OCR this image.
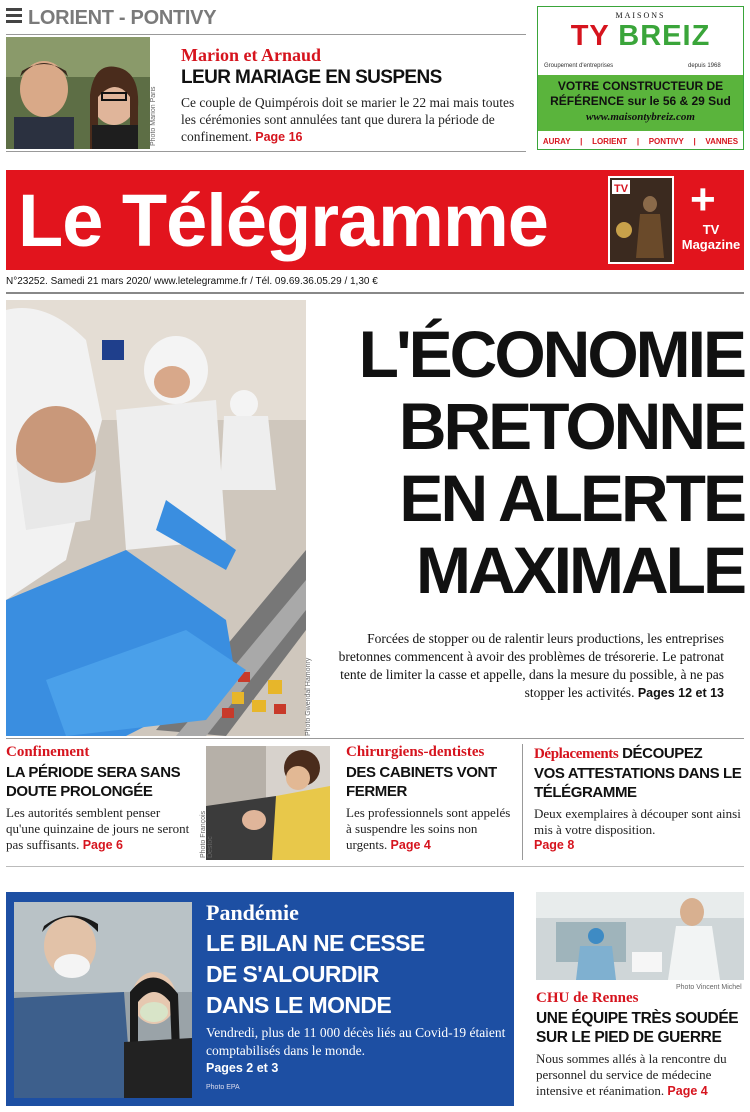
LORIENT - PONTIVY
Photo Marion Paris
Marion et Arnaud
LEUR MARIAGE EN SUSPENS
Ce couple de Quimpérois doit se marier le 22 mai mais toutes les cérémonies sont annulées tant que durera la période de confinement. Page 16
MAISONS
TY BREIZ
Groupement d'entreprises	depuis 1968
VOTRE CONSTRUCTEUR DE
RÉFÉRENCE sur le 56 & 29 Sud
www.maisontybreiz.com
AURAY | LORIENT | PONTIVY | VANNES
Le Télégramme	TV +
TV Magazine
N°23252. Samedi 21 mars 2020/ www.letelegramme.fr / Tél. 09.69.36.05.29 / 1,30 €
Photo Gwendal Hamonry
L'ÉCONOMIE
BRETONNE
EN ALERTE
MAXIMALE
Forcées de stopper ou de ralentir leurs productions, les entreprises bretonnes commencent à avoir des problèmes de trésorerie. Le patronat tente de limiter la casse et appelle, dans la mesure du possible, à ne pas stopper les activités. Pages 12 et 13
Confinement
LA PÉRIODE SERA SANS DOUTE PROLONGÉE
Les autorités semblent penser qu'une quinzaine de jours ne seront pas suffisants. Page 6	Photo François Destoc
Chirurgiens-dentistes
DES CABINETS VONT FERMER
Les professionnels sont appelés à suspendre les soins non urgents. Page 4
Déplacements DÉCOUPEZ
VOS ATTESTATIONS DANS LE TÉLÉGRAMME
Deux exemplaires à découper sont ainsi mis à votre disposition.
Page 8
Pandémie
LE BILAN NE CESSE
DE S'ALOURDIR
DANS LE MONDE
Vendredi, plus de 11 000 décès liés au Covid-19 étaient comptabilisés dans le monde.
Pages 2 et 3
Photo EPA
Photo Vincent Michel
CHU de Rennes
UNE ÉQUIPE TRÈS SOUDÉE SUR LE PIED DE GUERRE
Nous sommes allés à la rencontre du personnel du service de médecine intensive et réanimation. Page 4
